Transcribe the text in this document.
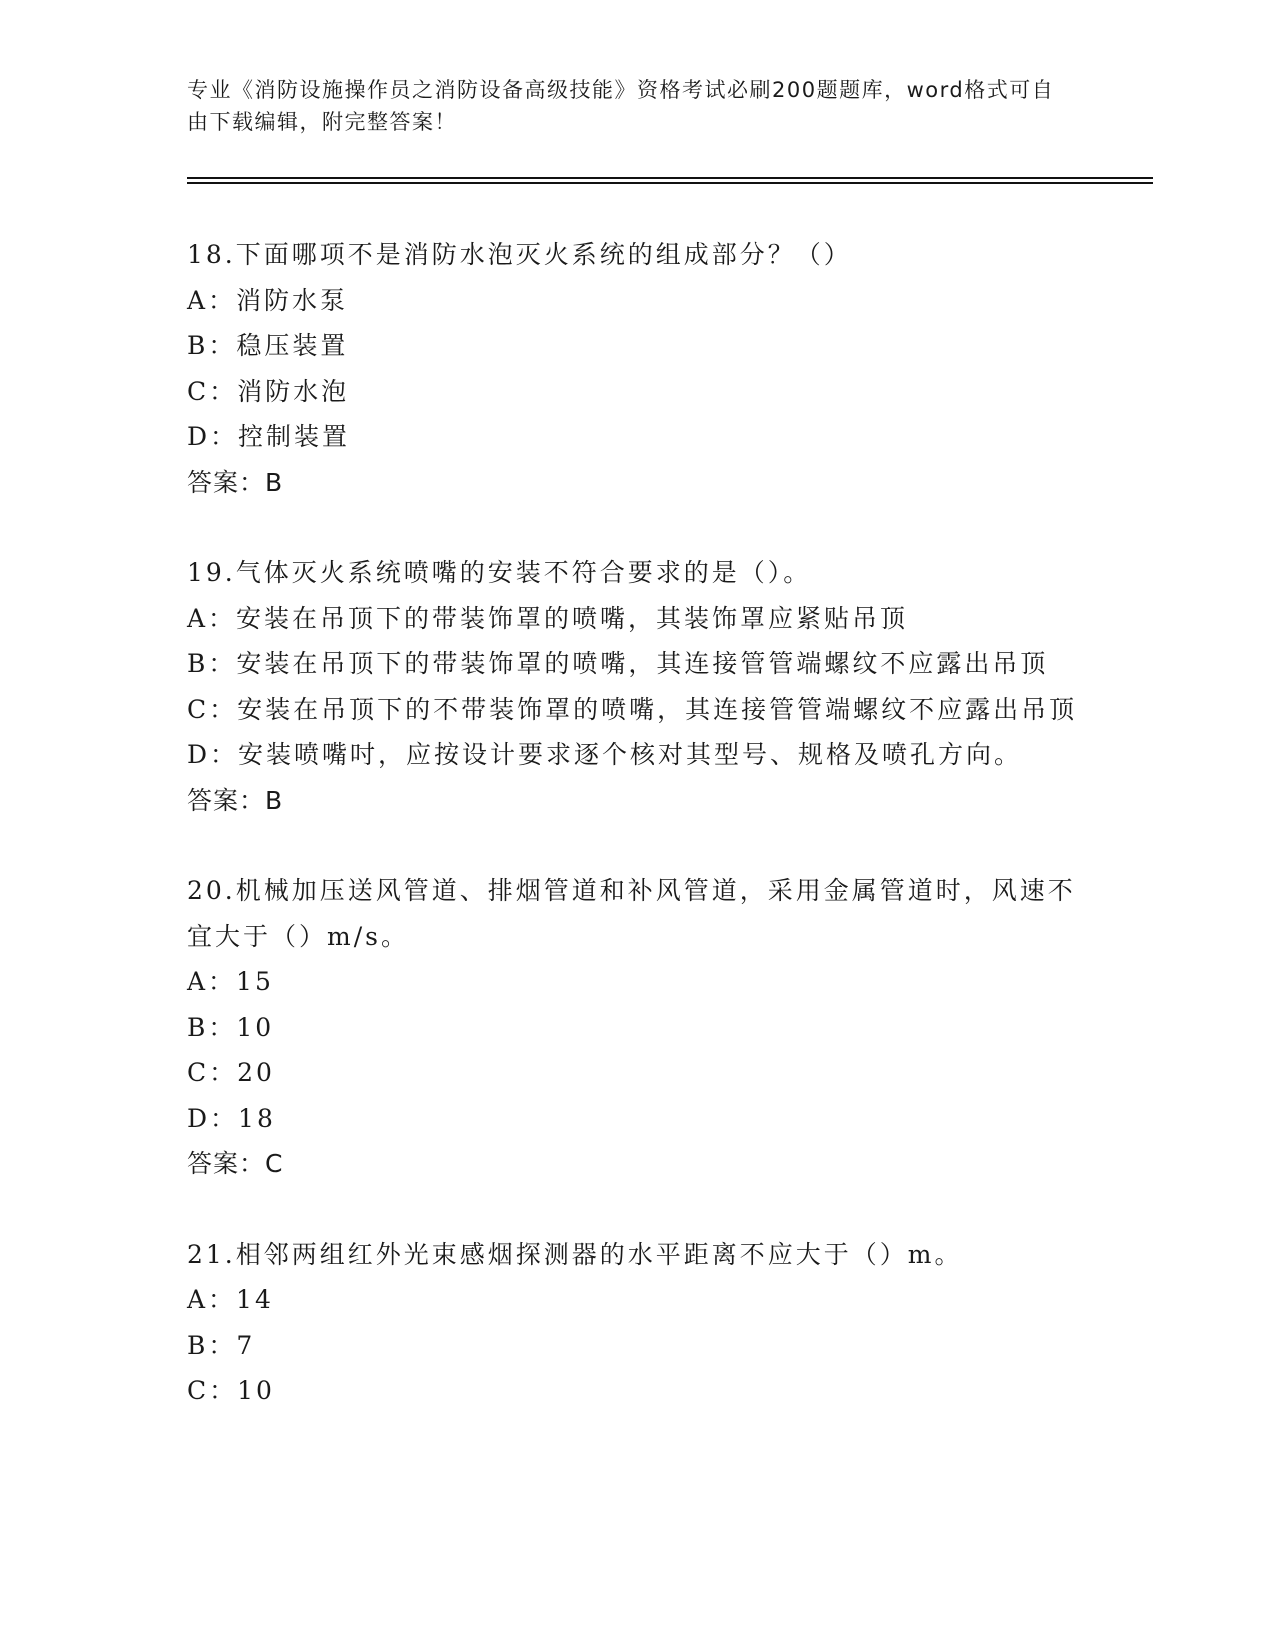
专业《消防设施操作员之消防设备高级技能》资格考试必刷200题题库，word格式可自由下载编辑，附完整答案！
18.下面哪项不是消防水泡灭火系统的组成部分？（）
A：消防水泵
B：稳压装置
C：消防水泡
D：控制装置
答案：B
19.气体灭火系统喷嘴的安装不符合要求的是（）。
A：安装在吊顶下的带装饰罩的喷嘴，其装饰罩应紧贴吊顶
B：安装在吊顶下的带装饰罩的喷嘴，其连接管管端螺纹不应露出吊顶
C：安装在吊顶下的不带装饰罩的喷嘴，其连接管管端螺纹不应露出吊顶
D：安装喷嘴吋，应按设计要求逐个核对其型号、规格及喷孔方向。
答案：B
20.机械加压送风管道、排烟管道和补风管道，采用金属管道时，风速不宜大于（）m/s。
A：15
B：10
C：20
D：18
答案：C
21.相邻两组红外光束感烟探测器的水平距离不应大于（）m。
A：14
B：7
C：10
